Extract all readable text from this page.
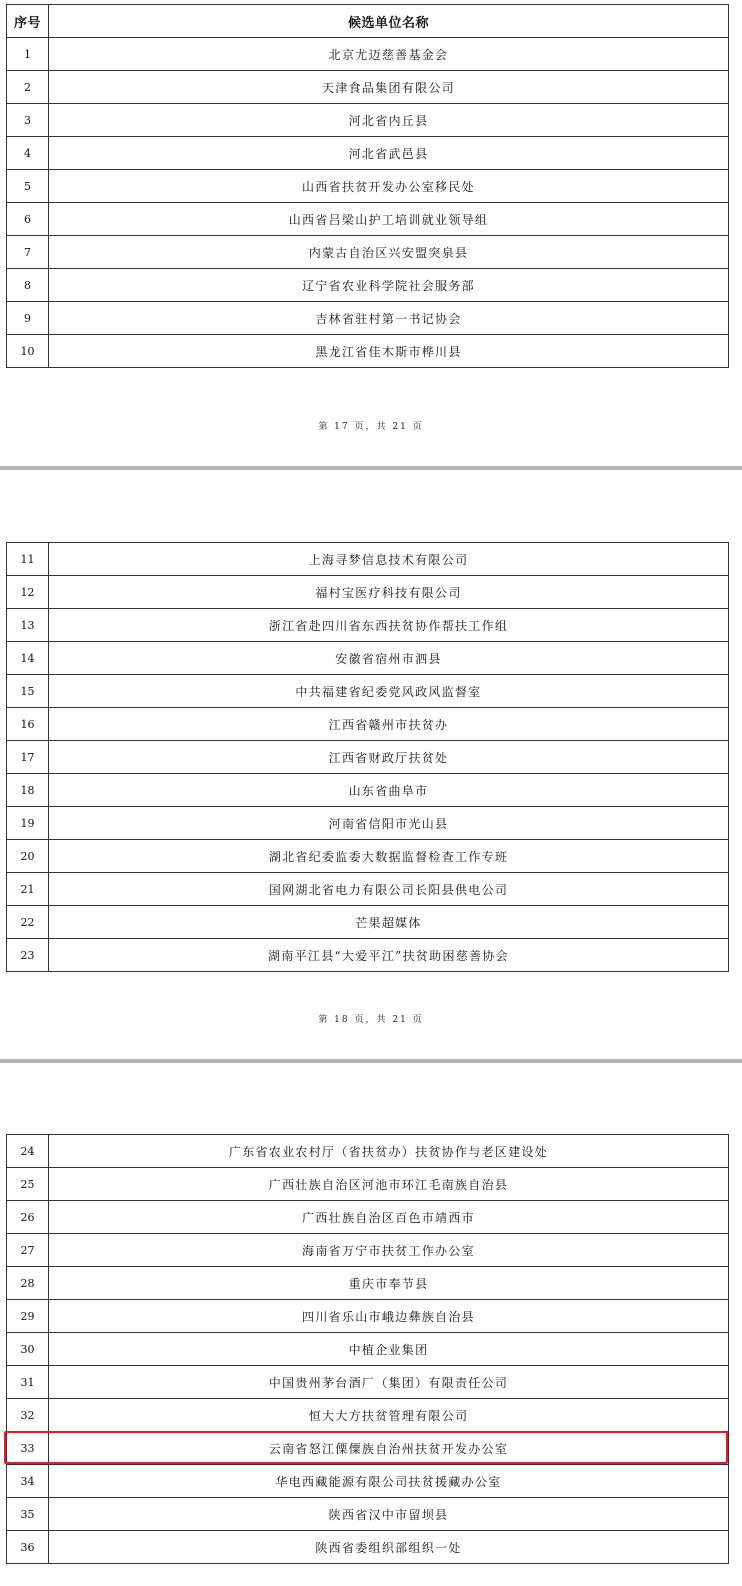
序号	候选单位名称
1	北京尤迈慈善基金会
2	天津食品集团有限公司
3	河北省内丘县
4	河北省武邑县
5	山西省扶贫开发办公室移民处
6	山西省吕梁山护工培训就业领导组
7	内蒙古自治区兴安盟突泉县
8	辽宁省农业科学院社会服务部
9	吉林省驻村第一书记协会
10	黑龙江省佳木斯市桦川县
第 17 页，共 21 页
11	上海寻梦信息技术有限公司
12	福村宝医疗科技有限公司
13	浙江省赴四川省东西扶贫协作帮扶工作组
14	安徽省宿州市泗县
15	中共福建省纪委党风政风监督室
16	江西省赣州市扶贫办
17	江西省财政厅扶贫处
18	山东省曲阜市
19	河南省信阳市光山县
20	湖北省纪委监委大数据监督检查工作专班
21	国网湖北省电力有限公司长阳县供电公司
22	芒果超媒体
23	湖南平江县“大爱平江”扶贫助困慈善协会
第 18 页，共 21 页
24	广东省农业农村厅（省扶贫办）扶贫协作与老区建设处
25	广西壮族自治区河池市环江毛南族自治县
26	广西壮族自治区百色市靖西市
27	海南省万宁市扶贫工作办公室
28	重庆市奉节县
29	四川省乐山市峨边彝族自治县
30	中植企业集团
31	中国贵州茅台酒厂（集团）有限责任公司
32	恒大大方扶贫管理有限公司
33	云南省怒江傈僳族自治州扶贫开发办公室
34	华电西藏能源有限公司扶贫援藏办公室
35	陕西省汉中市留坝县
36	陕西省委组织部组织一处
